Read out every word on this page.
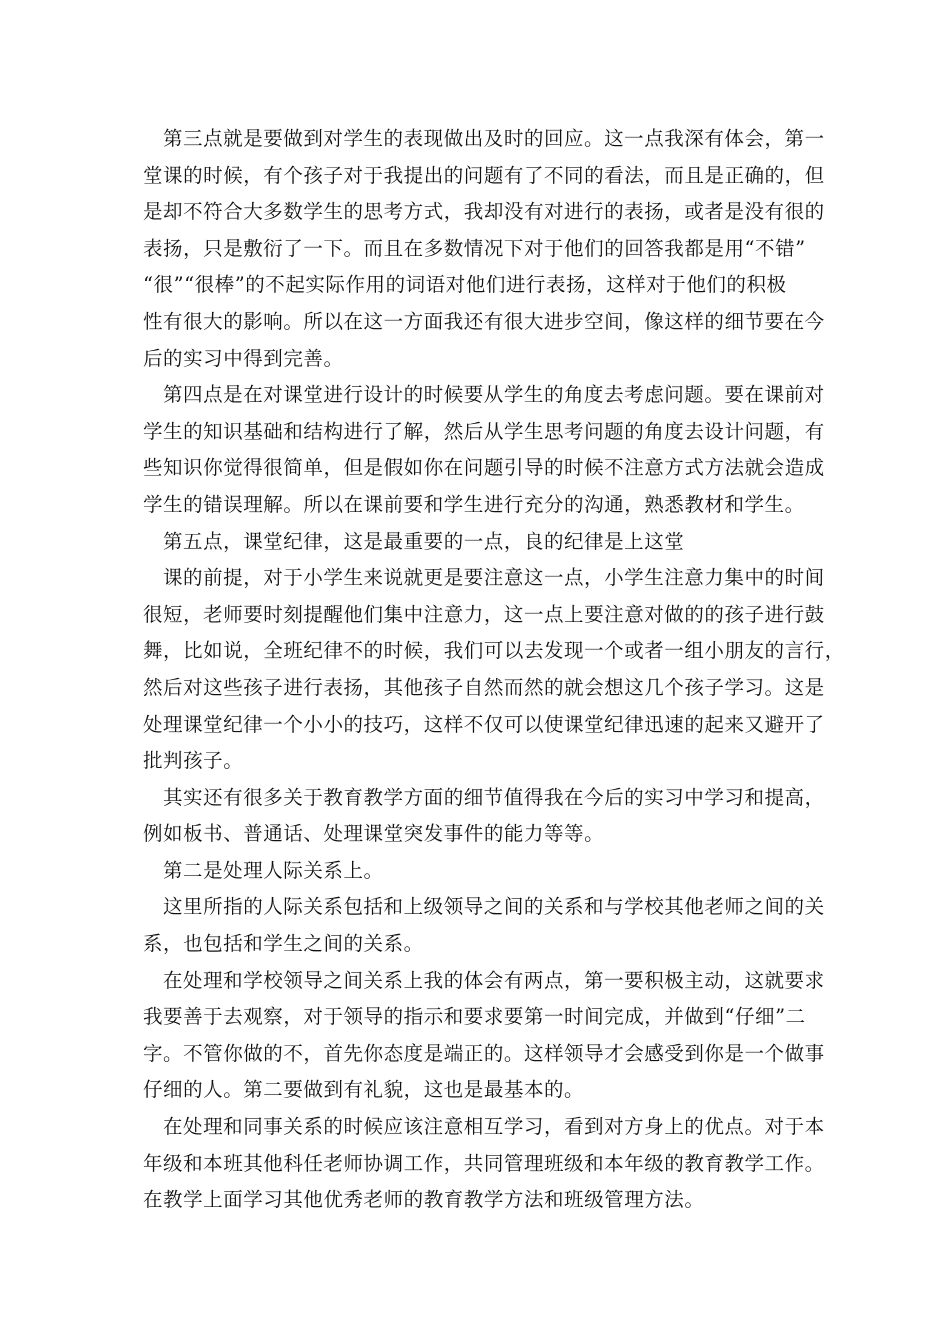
第三点就是要做到对学生的表现做出及时的回应。这一点我深有体会，第一
堂课的时候，有个孩子对于我提出的问题有了不同的看法，而且是正确的，但
是却不符合大多数学生的思考方式，我却没有对进行的表扬，或者是没有很的
表扬，只是敷衍了一下。而且在多数情况下对于他们的回答我都是用“不错”
“很”“很棒”的不起实际作用的词语对他们进行表扬，这样对于他们的积极
性有很大的影响。所以在这一方面我还有很大进步空间，像这样的细节要在今
后的实习中得到完善。
第四点是在对课堂进行设计的时候要从学生的角度去考虑问题。要在课前对
学生的知识基础和结构进行了解，然后从学生思考问题的角度去设计问题，有
些知识你觉得很简单，但是假如你在问题引导的时候不注意方式方法就会造成
学生的错误理解。所以在课前要和学生进行充分的沟通，熟悉教材和学生。
第五点，课堂纪律，这是最重要的一点，良的纪律是上这堂
课的前提，对于小学生来说就更是要注意这一点，小学生注意力集中的时间
很短，老师要时刻提醒他们集中注意力，这一点上要注意对做的的孩子进行鼓
舞，比如说，全班纪律不的时候，我们可以去发现一个或者一组小朋友的言行，
然后对这些孩子进行表扬，其他孩子自然而然的就会想这几个孩子学习。这是
处理课堂纪律一个小小的技巧，这样不仅可以使课堂纪律迅速的起来又避开了
批判孩子。
其实还有很多关于教育教学方面的细节值得我在今后的实习中学习和提高，
例如板书、普通话、处理课堂突发事件的能力等等。
第二是处理人际关系上。
这里所指的人际关系包括和上级领导之间的关系和与学校其他老师之间的关
系，也包括和学生之间的关系。
在处理和学校领导之间关系上我的体会有两点，第一要积极主动，这就要求
我要善于去观察，对于领导的指示和要求要第一时间完成，并做到“仔细”二
字。不管你做的不，首先你态度是端正的。这样领导才会感受到你是一个做事
仔细的人。第二要做到有礼貌，这也是最基本的。
在处理和同事关系的时候应该注意相互学习，看到对方身上的优点。对于本
年级和本班其他科任老师协调工作，共同管理班级和本年级的教育教学工作。
在教学上面学习其他优秀老师的教育教学方法和班级管理方法。
